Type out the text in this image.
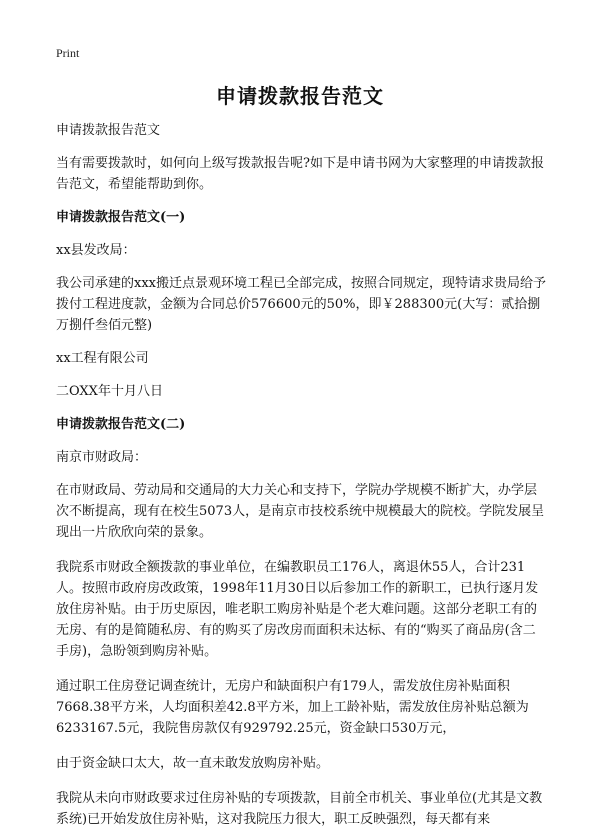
Print
申请拨款报告范文

申请拨款报告范文

当有需要拨款时，如何向上级写拨款报告呢?如下是申请书网为大家整理的申请拨款报告范文，希望能帮助到你。

申请拨款报告范文(一)

xx县发改局：

我公司承建的xxx搬迁点景观环境工程已全部完成，按照合同规定，现特请求贵局给予拨付工程进度款，金额为合同总价576600元的50%，即￥288300元(大写：贰拾捌万捌仟叁佰元整)

xx工程有限公司

二OXX年十月八日

申请拨款报告范文(二)

南京市财政局：

在市财政局、劳动局和交通局的大力关心和支持下，学院办学规模不断扩大，办学层次不断提高，现有在校生5073人，是南京市技校系统中规模最大的院校。学院发展呈现出一片欣欣向荣的景象。

我院系市财政全额拨款的事业单位，在编教职员工176人，离退休55人，合计231人。按照市政府房改政策，1998年11月30日以后参加工作的新职工，已执行逐月发放住房补贴。由于历史原因，唯老职工购房补贴是个老大难问题。这部分老职工有的无房、有的是简随私房、有的购买了房改房而面积未达标、有的“购买了商品房(含二手房)，急盼领到购房补贴。

通过职工住房登记调查统计，无房户和缺面积户有179人，需发放住房补贴面积7668.38平方米，人均面积差42.8平方米，加上工龄补贴，需发放住房补贴总额为6233167.5元，我院售房款仅有929792.25元，资金缺口530万元，

由于资金缺口太大，故一直未敢发放购房补贴。

我院从未向市财政要求过住房补贴的专项拨款，目前全市机关、事业单位(尤其是文教系统)已开始发放住房补贴，这对我院压力很大，职工反映强烈，每天都有来
